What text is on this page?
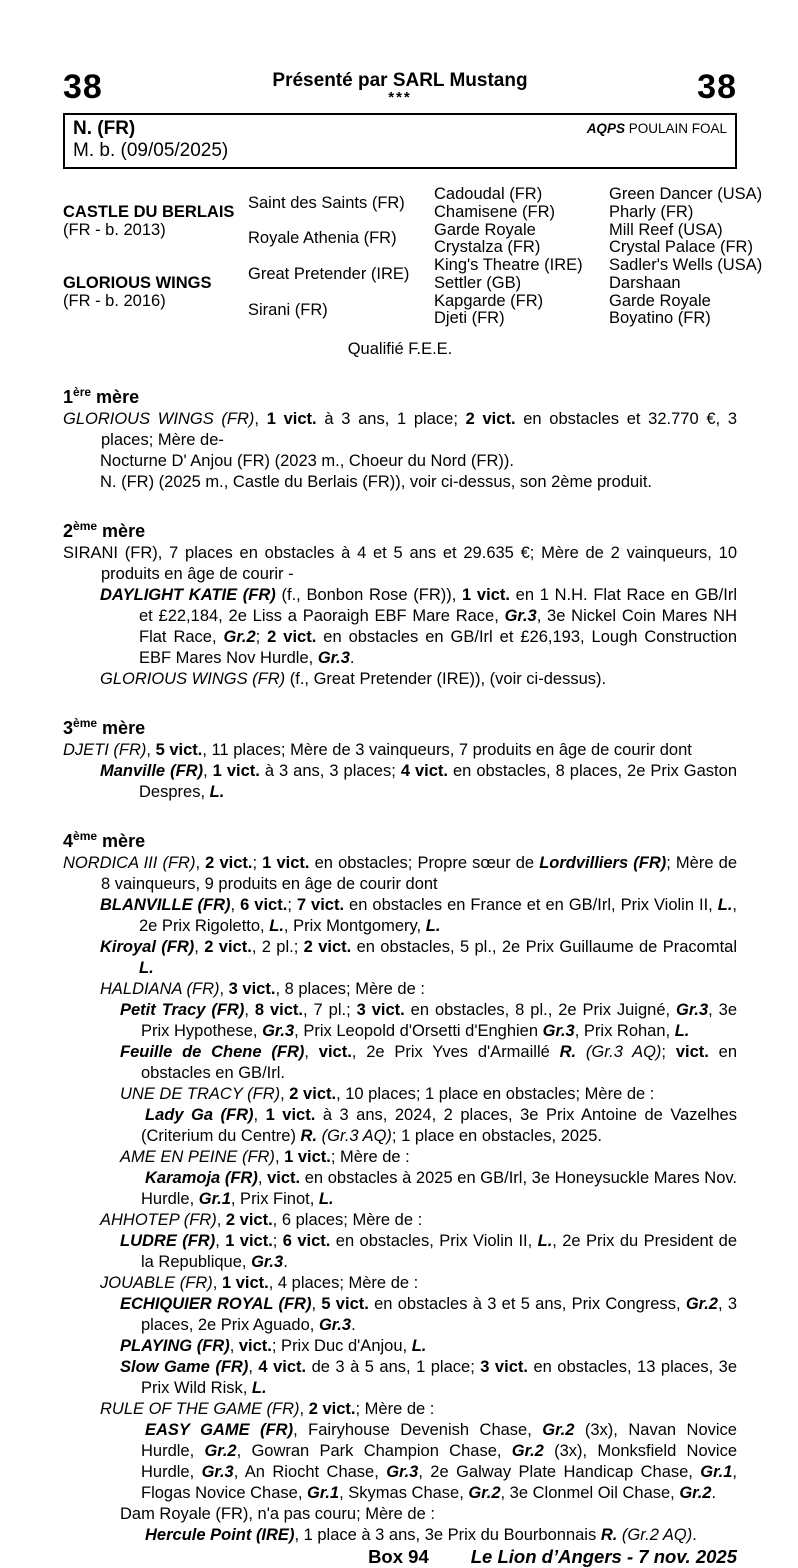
38	Présenté par SARL Mustang
***	38
N. (FR)
M. b. (09/05/2025)
AQPS POULAIN FOAL
CASTLE DU BERLAIS
(FR - b. 2013)
GLORIOUS WINGS
(FR - b. 2016)
Saint des Saints (FR)
Royale Athenia (FR)
Great Pretender (IRE)
Sirani (FR)
Cadoudal (FR)
Chamisene (FR)
Garde Royale
Crystalza (FR)
King's Theatre (IRE)
Settler (GB)
Kapgarde (FR)
Djeti (FR)
Green Dancer (USA)
Pharly (FR)
Mill Reef (USA)
Crystal Palace (FR)
Sadler's Wells (USA)
Darshaan
Garde Royale
Boyatino (FR)
Qualifié F.E.E.
1ère mère

GLORIOUS WINGS (FR), 1 vict. à 3 ans, 1 place; 2 vict. en obstacles et 32.770 €, 3 places; Mère de-

Nocturne D' Anjou (FR) (2023 m., Choeur du Nord (FR)).

N. (FR) (2025 m., Castle du Berlais (FR)), voir ci-dessus, son 2ème produit.

2ème mère

SIRANI (FR), 7 places en obstacles à 4 et 5 ans et 29.635 €; Mère de 2 vainqueurs, 10 produits en âge de courir -

DAYLIGHT KATIE (FR) (f., Bonbon Rose (FR)), 1 vict. en 1 N.H. Flat Race en GB/Irl et £22,184, 2e Liss a Paoraigh EBF Mare Race, Gr.3, 3e Nickel Coin Mares NH Flat Race, Gr.2; 2 vict. en obstacles en GB/Irl et £26,193, Lough Construction EBF Mares Nov Hurdle, Gr.3.

GLORIOUS WINGS (FR) (f., Great Pretender (IRE)), (voir ci-dessus).

3ème mère

DJETI (FR), 5 vict., 11 places; Mère de 3 vainqueurs, 7 produits en âge de courir dont

Manville (FR), 1 vict. à 3 ans, 3 places; 4 vict. en obstacles, 8 places, 2e Prix Gaston Despres, L.

4ème mère

NORDICA III (FR), 2 vict.; 1 vict. en obstacles; Propre sœur de Lordvilliers (FR); Mère de 8 vainqueurs, 9 produits en âge de courir dont

BLANVILLE (FR), 6 vict.; 7 vict. en obstacles en France et en GB/Irl, Prix Violin II, L., 2e Prix Rigoletto, L., Prix Montgomery, L.

Kiroyal (FR), 2 vict., 2 pl.; 2 vict. en obstacles, 5 pl., 2e Prix Guillaume de Pracomtal L.

HALDIANA (FR), 3 vict., 8 places; Mère de :

Petit Tracy (FR), 8 vict., 7 pl.; 3 vict. en obstacles, 8 pl., 2e Prix Juigné, Gr.3, 3e Prix Hypothese, Gr.3, Prix Leopold d'Orsetti d'Enghien Gr.3, Prix Rohan, L.

Feuille de Chene (FR), vict., 2e Prix Yves d'Armaillé R. (Gr.3 AQ); vict. en obstacles en GB/Irl.

UNE DE TRACY (FR), 2 vict., 10 places; 1 place en obstacles; Mère de :

Lady Ga (FR), 1 vict. à 3 ans, 2024, 2 places, 3e Prix Antoine de Vazelhes (Criterium du Centre) R. (Gr.3 AQ); 1 place en obstacles, 2025.

AME EN PEINE (FR), 1 vict.; Mère de :

Karamoja (FR), vict. en obstacles à 2025 en GB/Irl, 3e Honeysuckle Mares Nov. Hurdle, Gr.1, Prix Finot, L.

AHHOTEP (FR), 2 vict., 6 places; Mère de :

LUDRE (FR), 1 vict.; 6 vict. en obstacles, Prix Violin II, L., 2e Prix du President de la Republique, Gr.3.

JOUABLE (FR), 1 vict., 4 places; Mère de :

ECHIQUIER ROYAL (FR), 5 vict. en obstacles à 3 et 5 ans, Prix Congress, Gr.2, 3 places, 2e Prix Aguado, Gr.3.

PLAYING (FR), vict.; Prix Duc d'Anjou, L.

Slow Game (FR), 4 vict. de 3 à 5 ans, 1 place; 3 vict. en obstacles, 13 places, 3e Prix Wild Risk, L.

RULE OF THE GAME (FR), 2 vict.; Mère de :

EASY GAME (FR), Fairyhouse Devenish Chase, Gr.2 (3x), Navan Novice Hurdle, Gr.2, Gowran Park Champion Chase, Gr.2 (3x), Monksfield Novice Hurdle, Gr.3, An Riocht Chase, Gr.3, 2e Galway Plate Handicap Chase, Gr.1, Flogas Novice Chase, Gr.1, Skymas Chase, Gr.2, 3e Clonmel Oil Chase, Gr.2.

Dam Royale (FR), n'a pas couru; Mère de :

Hercule Point (IRE), 1 place à 3 ans, 3e Prix du Bourbonnais R. (Gr.2 AQ).

Box 94 Le Lion d’Angers - 7 nov. 2025
